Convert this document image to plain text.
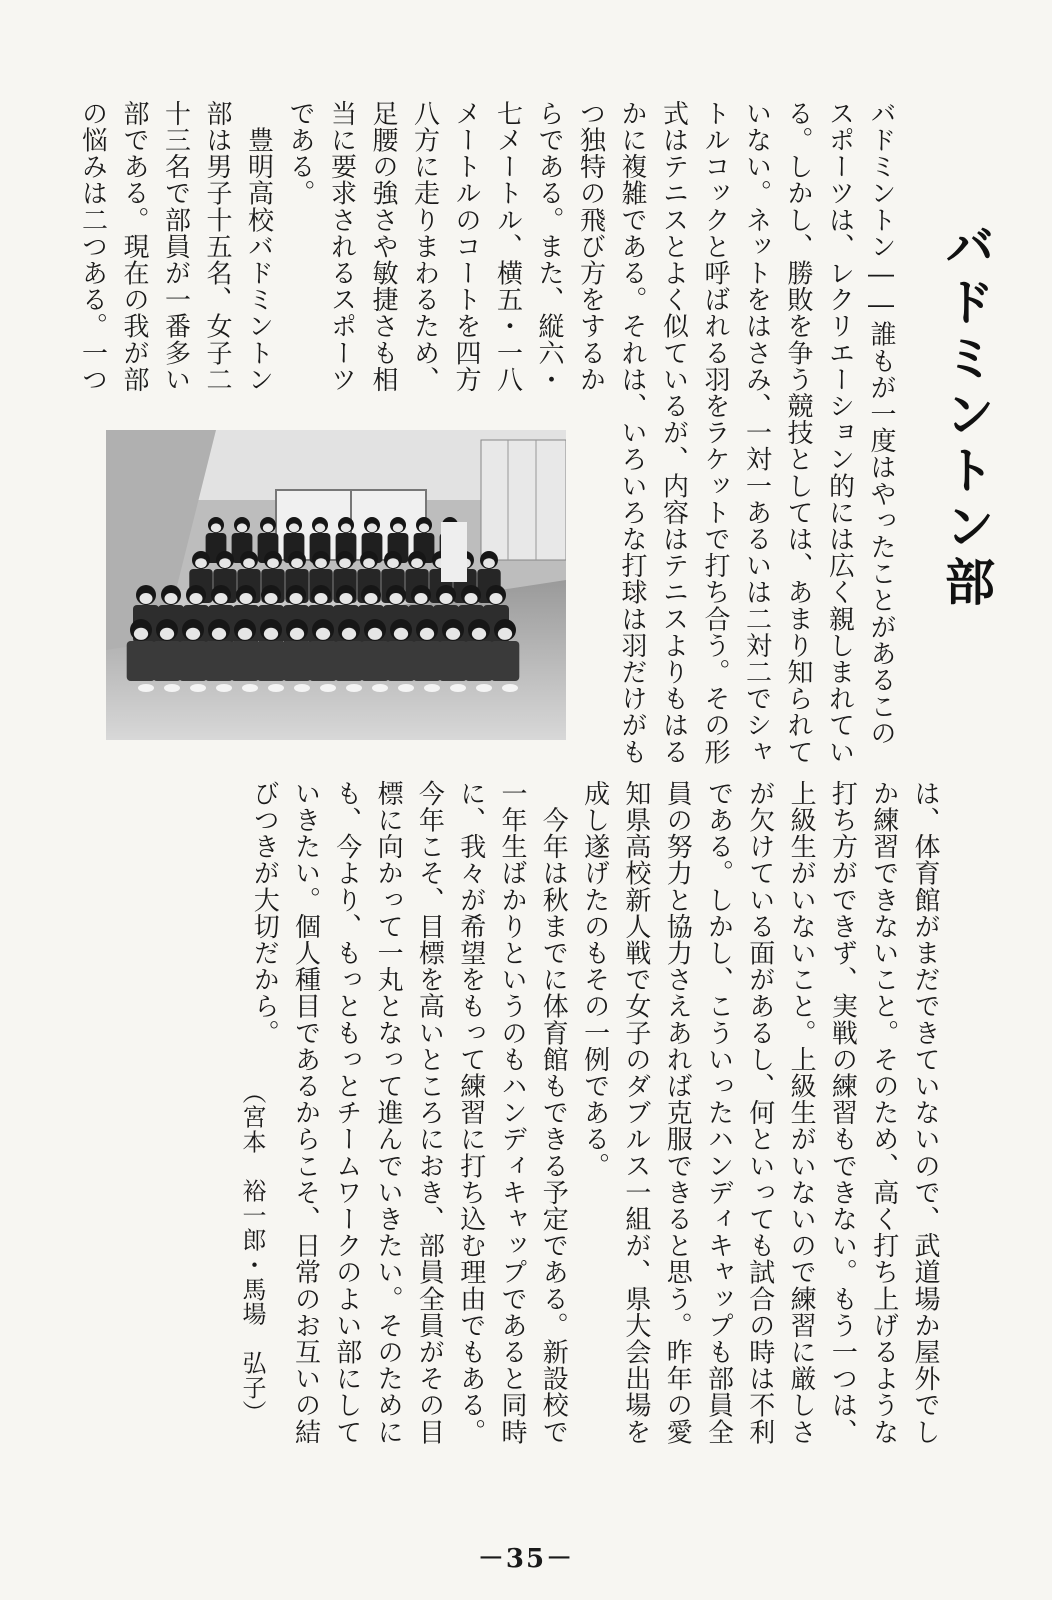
バドミントン部
バドミントン――誰もが一度はやったことがあるこの
スポーツは、レクリエーション的には広く親しまれてい
る。しかし、勝敗を争う競技としては、あまり知られて
いない。ネットをはさみ、一対一あるいは二対二でシャ
トルコックと呼ばれる羽をラケットで打ち合う。その形
式はテニスとよく似ているが、内容はテニスよりもはる
かに複雑である。それは、いろいろな打球は羽だけがも
つ独特の飛び方をするか
らである。また、縦六・
七メートル、横五・一八
メートルのコートを四方
八方に走りまわるため、
足腰の強さや敏捷さも相
当に要求されるスポーツ
である。
　豊明高校バドミントン
部は男子十五名、女子二
十三名で部員が一番多い
部である。現在の我が部
の悩みは二つある。一つ
は、体育館がまだできていないので、武道場か屋外でし
か練習できないこと。そのため、高く打ち上げるような
打ち方ができず、実戦の練習もできない。もう一つは、
上級生がいないこと。上級生がいないので練習に厳しさ
が欠けている面があるし、何といっても試合の時は不利
である。しかし、こういったハンディキャップも部員全
員の努力と協力さえあれば克服できると思う。昨年の愛
知県高校新人戦で女子のダブルス一組が、県大会出場を
成し遂げたのもその一例である。
　今年は秋までに体育館もできる予定である。新設校で
一年生ばかりというのもハンディキャップであると同時
に、我々が希望をもって練習に打ち込む理由でもある。
今年こそ、目標を高いところにおき、部員全員がその目
標に向かって一丸となって進んでいきたい。そのために
も、今より、もっともっとチームワークのよい部にして
いきたい。個人種目であるからこそ、日常のお互いの結
びつきが大切だから。
（宮本　裕一郎・馬場　弘子）
－35－
